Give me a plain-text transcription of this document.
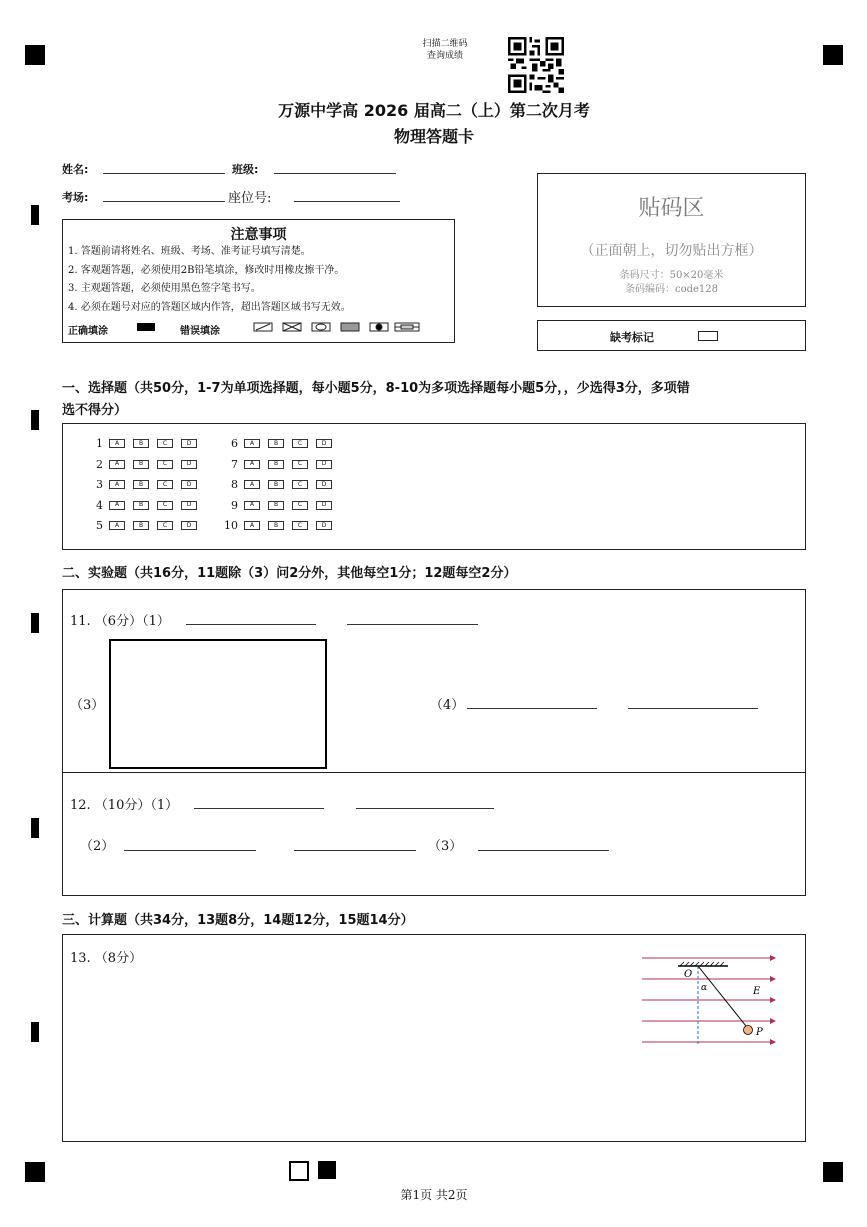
扫描二维码
查询成绩
万源中学高 2026 届高二（上）第二次月考
物理答题卡
姓名:	班级:
考场:	座位号:
注意事项
1. 答题前请将姓名、班级、考场、准考证号填写清楚。
2. 客观题答题，必须使用2B铅笔填涂，修改时用橡皮擦干净。
3. 主观题答题，必须使用黑色签字笔书写。
4. 必须在题号对应的答题区域内作答，超出答题区域书写无效。
正确填涂	错误填涂
贴码区
（正面朝上，切勿贴出方框）
条码尺寸：50×20毫米
条码编码：code128
缺考标记
一、选择题（共50分，1-7为单项选择题，每小题5分，8-10为多项选择题每小题5分，，少选得3分，多项错
选不得分）
1	A	B	C	D
2	A	B	C	D
3	A	B	C	D
4	A	B	C	D
5	A	B	C	D
6	A	B	C	D
7	A	B	C	D
8	A	B	C	D
9	A	B	C	D
10	A	B	C	D
二、实验题（共16分，11题除（3）问2分外，其他每空1分；12题每空2分）
11. （6分）（1）
（3）	（4）
12. （10分）（1）
（2）	（3）
三、计算题（共34分，13题8分，14题12分，15题14分）
13. （8分）
O
α	E
P
第1页 共2页
